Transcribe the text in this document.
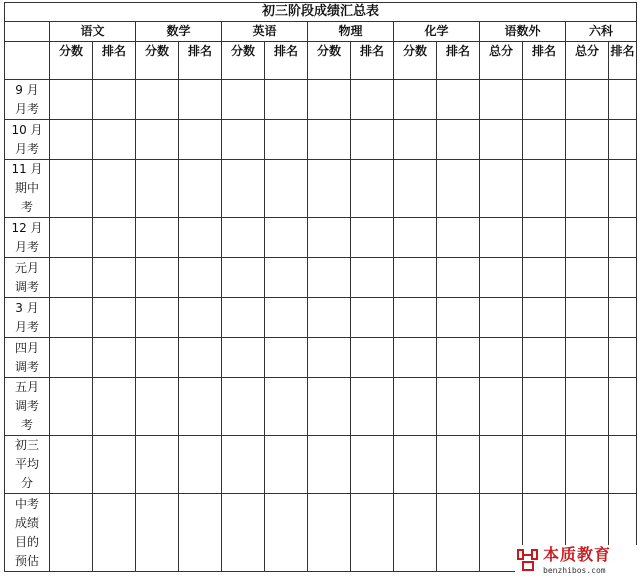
初三阶段成绩汇总表														
	语文		数学		英语		物理		化学		语数外		六科	
	分数	排名	分数	排名	分数	排名	分数	排名	分数	排名	总分	排名	总分	排名

9 月
月考														

10 月
月考														

11 月
期中
考														

12 月
月考														

元月
调考														

3 月
月考														

四月
调考														

五月
调考
考														

初三
平均
分														

中考
成绩
目的
预估														
															本质教育
benzhibos.com
